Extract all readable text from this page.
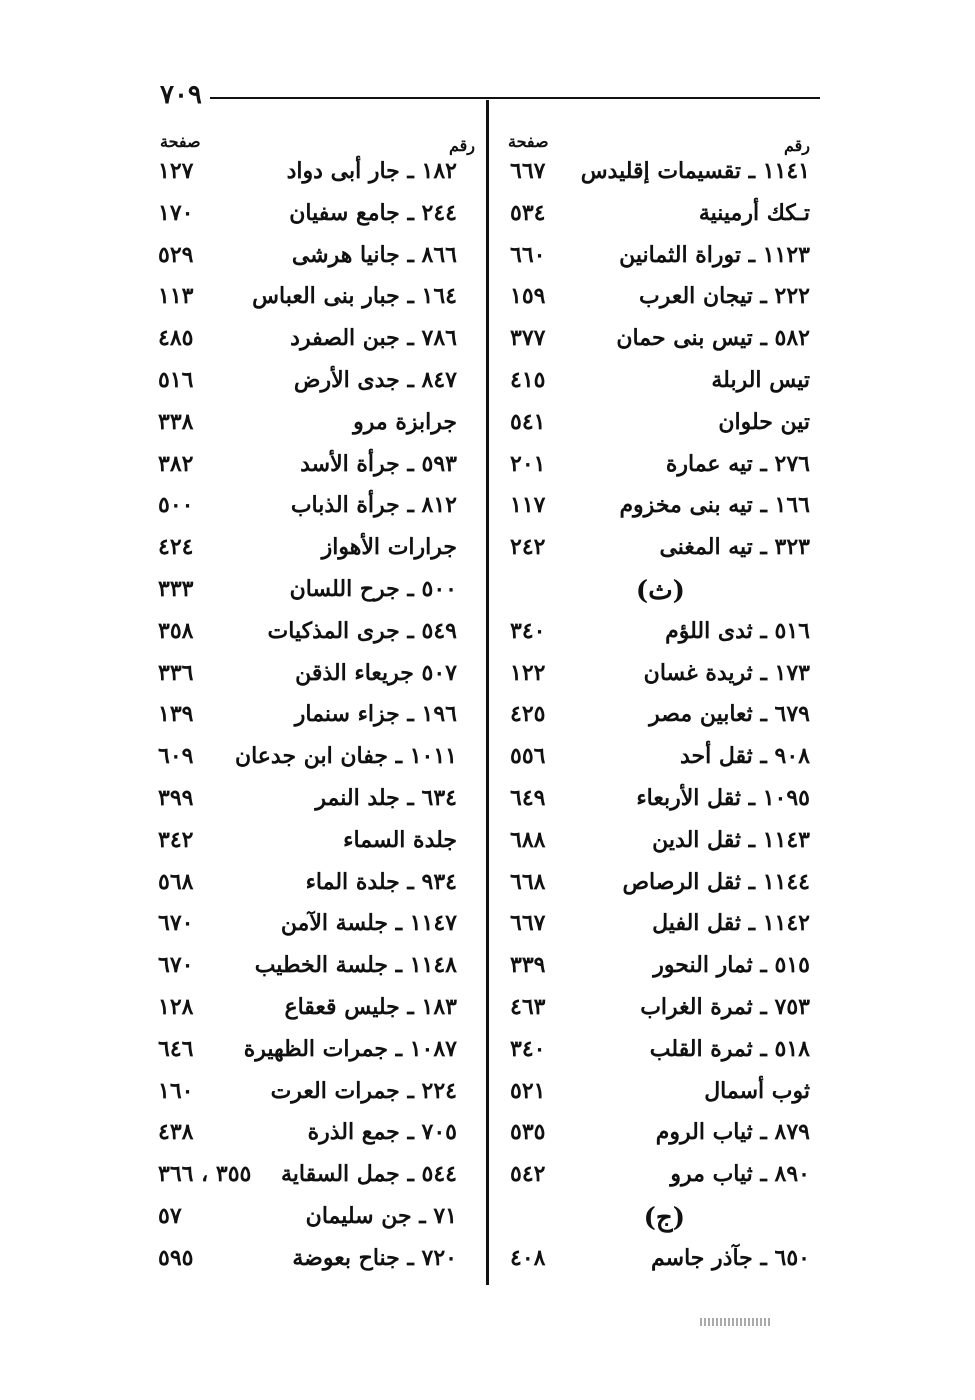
٧٠٩
رقم
صفحة
رقم
صفحة
١١٤١ ـ تقسيمات إقليدس
٦٦٧
تـكك أرمينية
٥٣٤
١١٢٣ ـ توراة الثمانين
٦٦٠
٢٢٢ ـ تيجان العرب
١٥٩
٥٨٢ ـ تيس بنى حمان
٣٧٧
تيس الربلة
٤١٥
تين حلوان
٥٤١
٢٧٦ ـ تيه عمارة
٢٠١
١٦٦ ـ تيه بنى مخزوم
١١٧
٣٢٣ ـ تيه المغنى
٢٤٢
(ث)
٥١٦ ـ ثدى اللؤم
٣٤٠
١٧٣ ـ ثريدة غسان
١٢٢
٦٧٩ ـ ثعابين مصر
٤٢٥
٩٠٨ ـ ثقل أحد
٥٥٦
١٠٩٥ ـ ثقل الأربعاء
٦٤٩
١١٤٣ ـ ثقل الدين
٦٨٨
١١٤٤ ـ ثقل الرصاص
٦٦٨
١١٤٢ ـ ثقل الفيل
٦٦٧
٥١٥ ـ ثمار النحور
٣٣٩
٧٥٣ ـ ثمرة الغراب
٤٦٣
٥١٨ ـ ثمرة القلب
٣٤٠
ثوب أسمال
٥٢١
٨٧٩ ـ ثياب الروم
٥٣٥
٨٩٠ ـ ثياب مرو
٥٤٢
(ج)
٦٥٠ ـ جآذر جاسم
٤٠٨
١٨٢ ـ جار أبى دواد
١٢٧
٢٤٤ ـ جامع سفيان
١٧٠
٨٦٦ ـ جانيا هرشى
٥٢٩
١٦٤ ـ جبار بنى العباس
١١٣
٧٨٦ ـ جبن الصفرد
٤٨٥
٨٤٧ ـ جدى الأرض
٥١٦
جرابزة مرو
٣٣٨
٥٩٣ ـ جرأة الأسد
٣٨٢
٨١٢ ـ جرأة الذباب
٥٠٠
جرارات الأهواز
٤٢٤
٥٠٠ ـ جرح اللسان
٣٣٣
٥٤٩ ـ جرى المذكيات
٣٥٨
٥٠٧ جريعاء الذقن
٣٣٦
١٩٦ ـ جزاء سنمار
١٣٩
١٠١١ ـ جفان ابن جدعان
٦٠٩
٦٣٤ ـ جلد النمر
٣٩٩
جلدة السماء
٣٤٢
٩٣٤ ـ جلدة الماء
٥٦٨
١١٤٧ ـ جلسة الآمن
٦٧٠
١١٤٨ ـ جلسة الخطيب
٦٧٠
١٨٣ ـ جليس قعقاع
١٢٨
١٠٨٧ ـ جمرات الظهيرة
٦٤٦
٢٢٤ ـ جمرات العرت
١٦٠
٧٠٥ ـ جمع الذرة
٤٣٨
٥٤٤ ـ جمل السقاية
٣٥٥ ، ٣٦٦
٧١ ـ جن سليمان
٥٧
٧٢٠ ـ جناح بعوضة
٥٩٥
